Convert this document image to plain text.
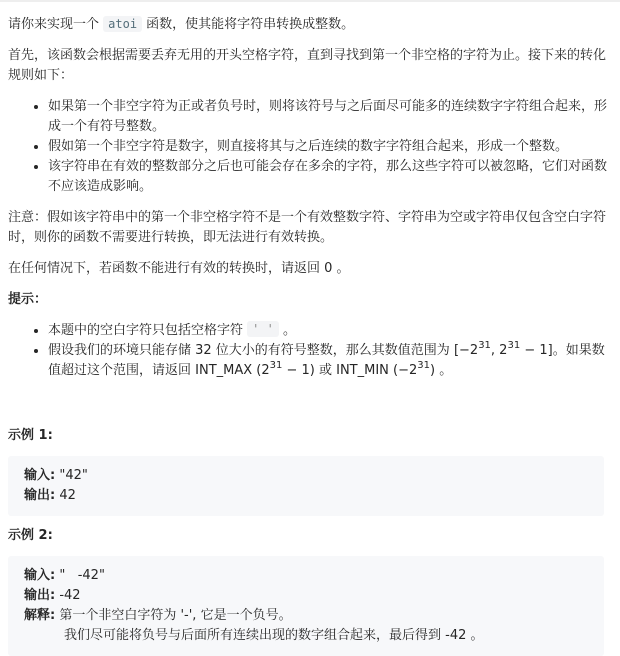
请你来实现一个 atoi 函数，使其能将字符串转换成整数。

首先，该函数会根据需要丢弃无用的开头空格字符，直到寻找到第一个非空格的字符为止。接下来的转化规则如下：

• 如果第一个非空字符为正或者负号时，则将该符号与之后面尽可能多的连续数字字符组合起来，形成一个有符号整数。
• 假如第一个非空字符是数字，则直接将其与之后连续的数字字符组合起来，形成一个整数。
• 该字符串在有效的整数部分之后也可能会存在多余的字符，那么这些字符可以被忽略，它们对函数不应该造成影响。

注意：假如该字符串中的第一个非空格字符不是一个有效整数字符、字符串为空或字符串仅包含空白字符时，则你的函数不需要进行转换，即无法进行有效转换。

在任何情况下，若函数不能进行有效的转换时，请返回 0 。

提示：

• 本题中的空白字符只包括空格字符 ' ' 。
• 假设我们的环境只能存储 32 位大小的有符号整数，那么其数值范围为 [$-2^{31}$, $2^{31} - 1$]。如果数值超过这个范围，请返回 INT_MAX $(2^{31} - 1)$ 或 INT_MIN $(-2^{31})$ 。

示例 1:

输入: "42"
输出: 42

示例 2:

输入: "   -42"
输出: -42
解释: 第一个非空白字符为 '-', 它是一个负号。
我们尽可能将负号与后面所有连续出现的数字组合起来，最后得到 -42 。
